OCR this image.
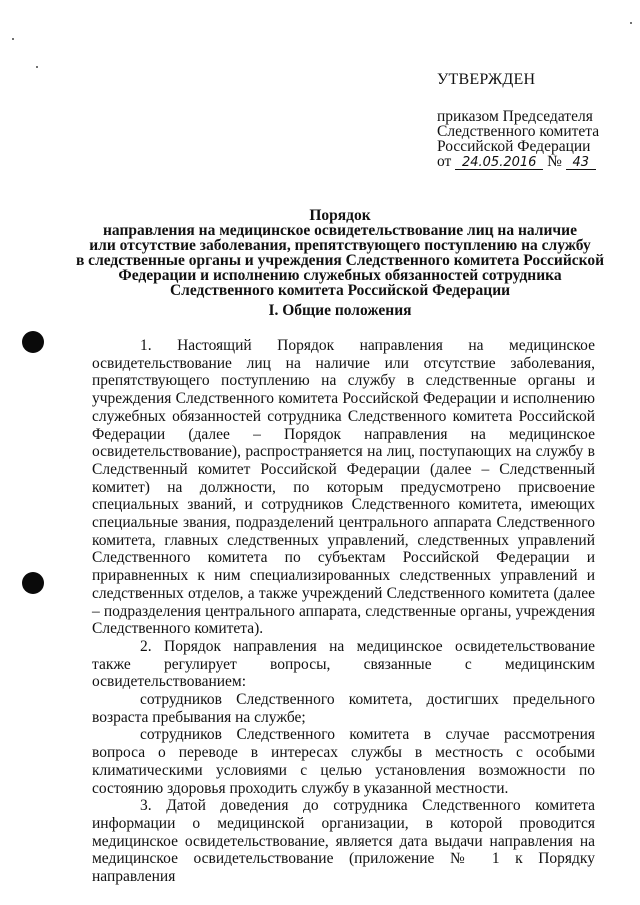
УТВЕРЖДЕН
приказом Председателя
Следственного комитета
Российской Федерации
от 24.05.2016 № 43
Порядок
направления на медицинское освидетельствование лиц на наличие
или отсутствие заболевания, препятствующего поступлению на службу
в следственные органы и учреждения Следственного комитета Российской
Федерации и исполнению служебных обязанностей сотрудника
Следственного комитета Российской Федерации
I. Общие положения

1. Настоящий Порядок направления на медицинское освидетельствование лиц на наличие или отсутствие заболевания, препятствующего поступлению на службу в следственные органы и учреждения Следственного комитета Российской Федерации и исполнению служебных обязанностей сотрудника Следственного комитета Российской Федерации (далее – Порядок направления на медицинское освидетельствование), распространяется на лиц, поступающих на службу в Следственный комитет Российской Федерации (далее – Следственный комитет) на должности, по которым предусмотрено присвоение специальных званий, и сотрудников Следственного комитета, имеющих специальные звания, подразделений центрального аппарата Следственного комитета, главных следственных управлений, следственных управлений Следственного комитета по субъектам Российской Федерации и приравненных к ним специализированных следственных управлений и следственных отделов, а также учреждений Следственного комитета (далее – подразделения центрального аппарата, следственные органы, учреждения Следственного комитета).

2. Порядок направления на медицинское освидетельствование также регулирует вопросы, связанные с медицинским освидетельствованием:

сотрудников Следственного комитета, достигших предельного возраста пребывания на службе;

сотрудников Следственного комитета в случае рассмотрения вопроса о переводе в интересах службы в местность с особыми климатическими условиями с целью установления возможности по состоянию здоровья проходить службу в указанной местности.

3. Датой доведения до сотрудника Следственного комитета информации о медицинской организации, в которой проводится медицинское освидетельствование, является дата выдачи направления на медицинское освидетельствование (приложение № 1 к Порядку направления
